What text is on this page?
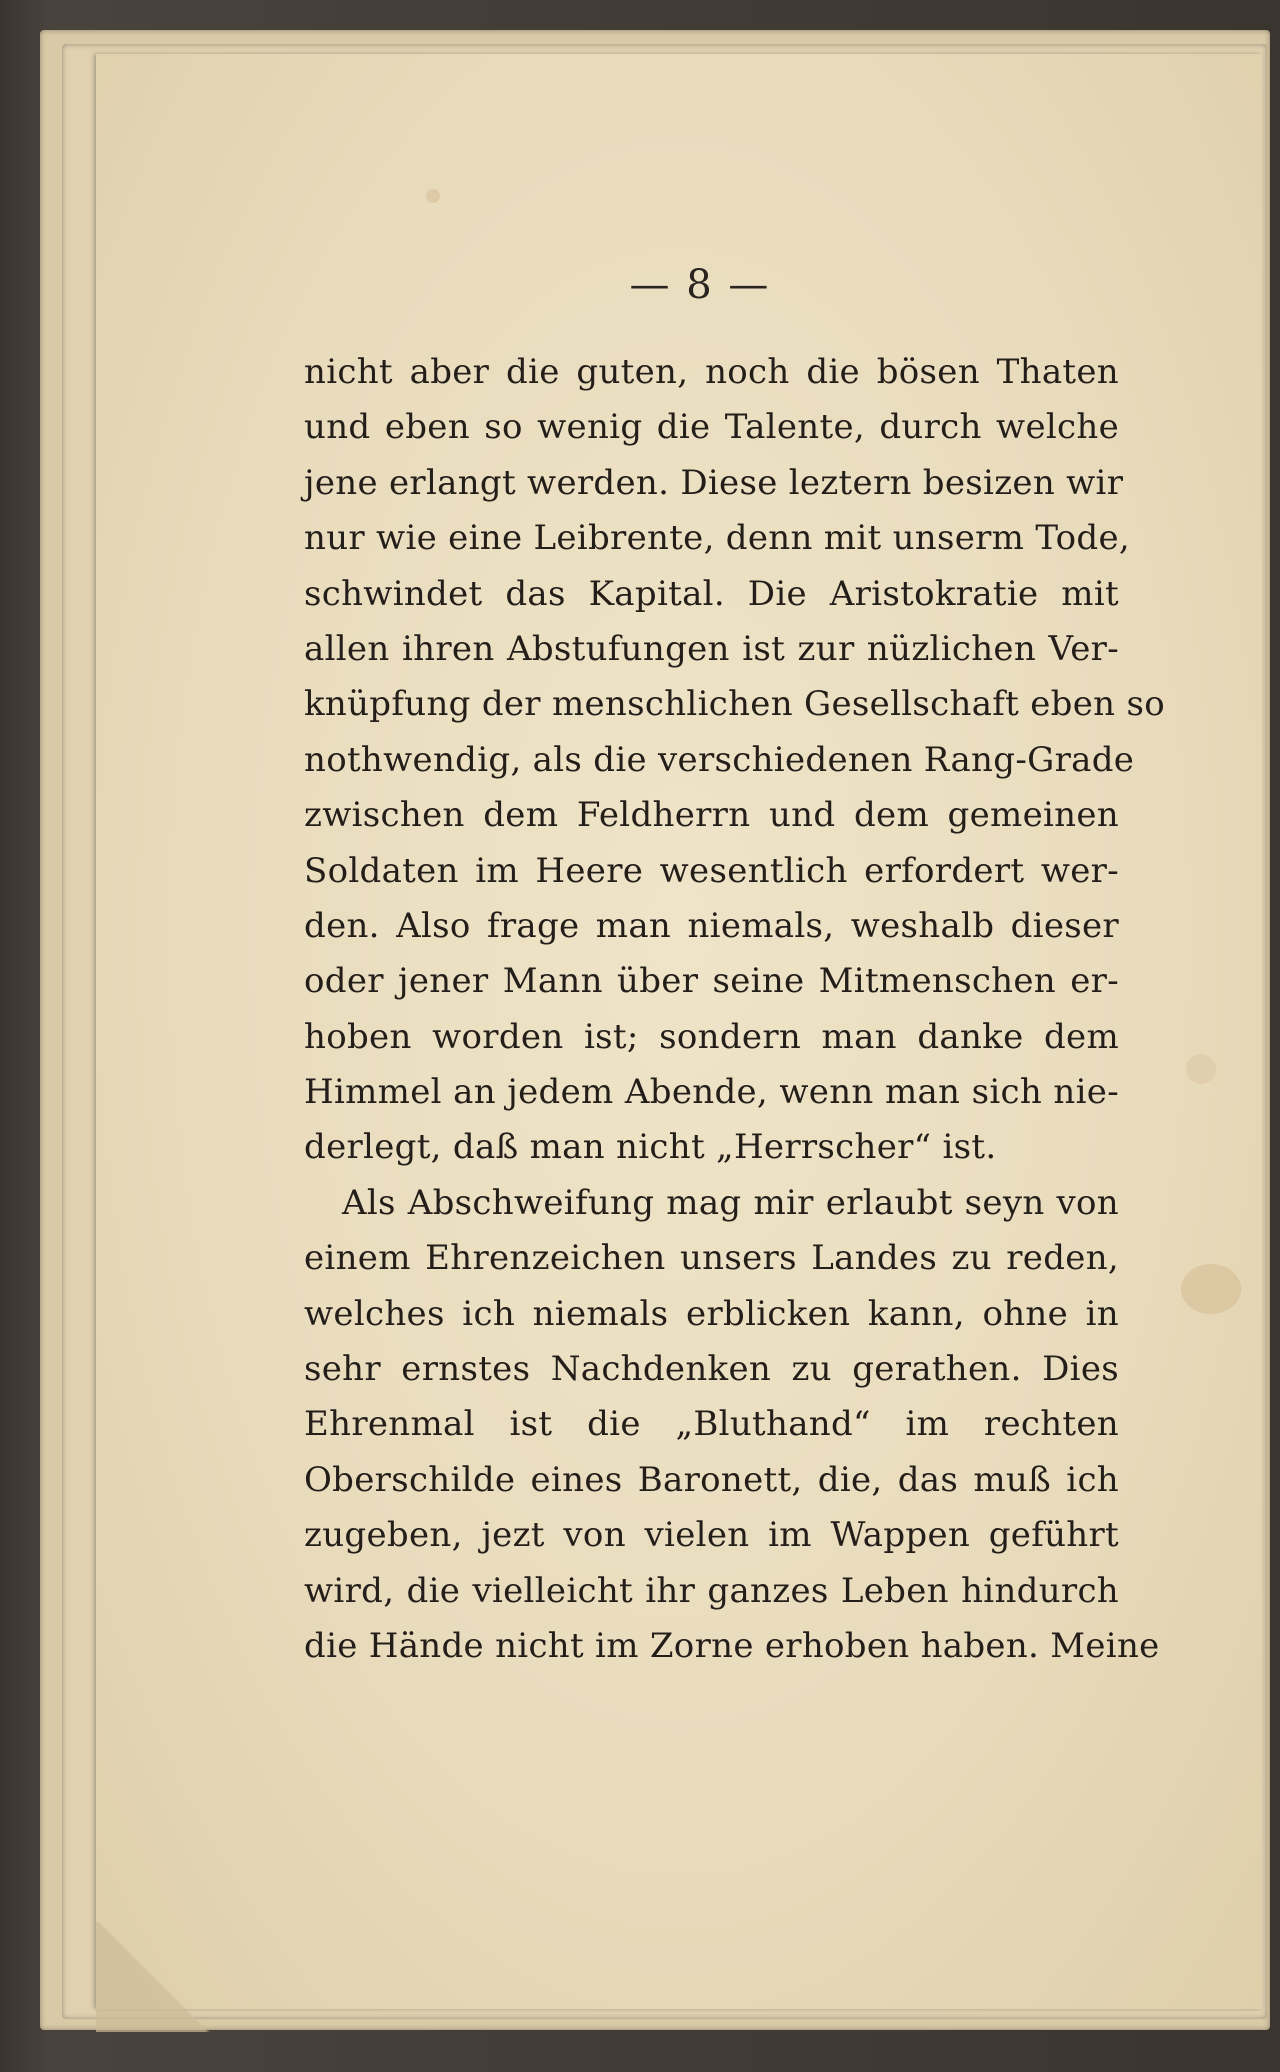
— 8 —
nicht aber die guten, noch die bösen Thaten
und eben so wenig die Talente, durch welche
jene erlangt werden. Diese leztern besizen wir
nur wie eine Leibrente, denn mit unserm Tode,
schwindet das Kapital. Die Aristokratie mit
allen ihren Abstufungen ist zur nüzlichen Ver-
knüpfung der menschlichen Gesellschaft eben so
nothwendig, als die verschiedenen Rang-Grade
zwischen dem Feldherrn und dem gemeinen
Soldaten im Heere wesentlich erfordert wer-
den. Also frage man niemals, weshalb dieser
oder jener Mann über seine Mitmenschen er-
hoben worden ist; sondern man danke dem
Himmel an jedem Abende, wenn man sich nie-
derlegt, daß man nicht „Herrscher“ ist.
Als Abschweifung mag mir erlaubt seyn von
einem Ehrenzeichen unsers Landes zu reden,
welches ich niemals erblicken kann, ohne in
sehr ernstes Nachdenken zu gerathen. Dies
Ehrenmal ist die „Bluthand“ im rechten
Oberschilde eines Baronett, die, das muß ich
zugeben, jezt von vielen im Wappen geführt
wird, die vielleicht ihr ganzes Leben hindurch
die Hände nicht im Zorne erhoben haben. Meine
